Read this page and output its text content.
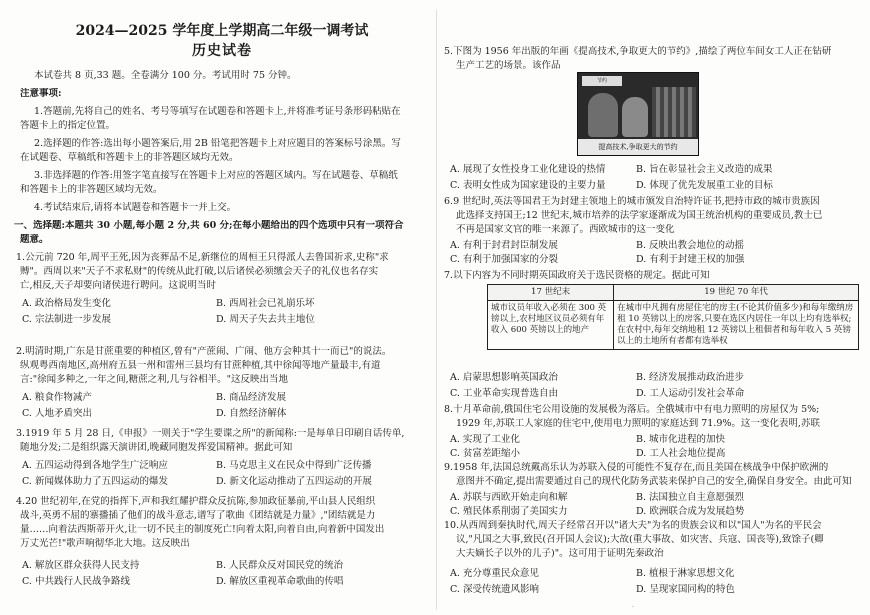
2024—2025 学年度上学期高二年级一调考试
历史试卷
本试卷共 8 页,33 题。全卷满分 100 分。考试用时 75 分钟。
注意事项:
1.答题前,先将自己的姓名、考号等填写在试题卷和答题卡上,并将准考证号条形码粘贴在
答题卡上的指定位置。
2.选择题的作答:选出每小题答案后,用 2B 铅笔把答题卡上对应题目的答案标号涂黑。写
在试题卷、草稿纸和答题卡上的非答题区域均无效。
3.非选择题的作答:用签字笔直接写在答题卡上对应的答题区域内。写在试题卷、草稿纸
和答题卡上的非答题区域均无效。
4.考试结束后,请将本试题卷和答题卡一并上交。
一、选择题:本题共 30 小题,每小题 2 分,共 60 分;在每小题给出的四个选项中只有一项符合
题意。
1.公元前 720 年,周平王死,因为丧葬品不足,新继位的周桓王只得派人去鲁国祈求,史称"求
赙"。西周以来"天子不求私财"的传统从此打破,以后诸侯必须缴会天子的礼仪也名存实
亡,相反,天子却要向诸侯进行聘问。这说明当时
2.明清时期,广东是甘蔗重要的种植区,曾有"产蔗闹、广闹、他方会种其十一而已"的说法。
纵观粤西南地区,高州府五县一州和雷州三县均有甘蔗种植,其中徐闻等地产量最丰,有道
言:"徐闻多种之,一年之间,糖蔗之利,几与谷相半。"这反映出当地
3.1919 年 5 月 28 日,《申报》一则关于"学生要谍之所"的新闻称:一是每单日印刷自话传单,
随地分发;二是组织露天演讲团,晚藏同胞发挥爱国精神。据此可知
4.20 世纪初年,在党的指挥下,声和我红耀护群众反抗陈,参加政征暴前,平山县人民组织
战斗,英勇不屈的寨播插了他们的战斗意志,谱写了歌曲《团结就是力量》,"团结就是力
量……向着法西斯蒂开火,让一切不民主的制度死亡!向着太阳,向着自由,向着新中国发出
万丈光芒!"歌声响彻华北大地。这反映出
A. 政治格局发生变化	B. 西周社会已礼崩乐坏
C. 宗法制进一步发展	D. 周天子失去共主地位
A. 粮食作物减产	B. 商品经济发展
C. 人地矛盾突出	D. 自然经济解体
A. 五四运动得到各地学生广泛响应	B. 马克思主义在民众中得到广泛传播
C. 新闻媒体助力了五四运动的爆发	D. 新文化运动推动了五四运动的开展
A. 解放区群众获得人民支持	B. 人民群众反对国民党的统治
C. 中共践行人民战争路线	D. 解放区重视革命歌曲的传唱
5.下图为 1956 年出版的年画《提高技术,争取更大的节约》,描绘了两位车间女工人正在钻研
生产工艺的场景。该作品
节约
提高技术,争取更大的节约
6.9 世纪时,英法等国君王为封建主领地上的城市颁发自治特许证书,把持市政的城市贵族因
此选择支持国王;12 世纪末,城市培养的法学家逐渐成为国王统治机构的重要成员,教士已
不再是国家文官的唯一来源了。西欧城市的这一变化
7.以下内容为不同时期英国政府关于选民资格的规定。据此可知
8.十月革命前,俄国住宅公用设施的发展极为落后。全俄城市中有电力照明的房屋仅为 5%;
1929 年,苏联工人家庭的住宅中,使用电力照明的家庭达到 71.9%。这一变化表明,苏联
9.1958 年,法国总统戴高乐认为苏联入侵的可能性不复存在,而且美国在核战争中保护欧洲的
意图并不确定,提出需要通过自己的现代化防务武装来保护自己的安全,确保自身安全。由此可知
10.从西周到秦执时代,周天子经常召开以"诸大夫"为名的贵族会议和以"国人"为名的平民会
议,"凡国之大事,致民(召开国人会议);大故(重大事故、如灾害、兵寇、国丧等),致馀子(卿
大夫嫡长子以外的儿子)"。这可用于证明先秦政治
17 世纪末	19 世纪 70 年代
城市议员年收入必须在 300 英镑以上,农村地区议员必须有年收入 600 英镑以上的地产	在城市中凡拥有房屋住宅的房主(不论其价值多少)和每年缴纳房租 10 英镑以上的房客,只要在选区内居住一年以上均有选举权;在农村中,每年交纳地租 12 英镑以上租佃者和每年收入 5 英镑以上的土地所有者都有选举权
A. 展现了女性投身工业化建设的热情	B. 旨在彰显社会主义改造的成果
C. 表明女性成为国家建设的主要力量	D. 体现了优先发展重工业的目标
A. 有利于封君封臣制发展	B. 反映出教会地位的动摇
C. 有利于加强国家的分裂	D. 有利于封建王权的加强
A. 启蒙思想影响英国政治	B. 经济发展推动政治进步
C. 工业革命实现普选自由	D. 工人运动引发社会革命
A. 实现了工业化	B. 城市化进程的加快
C. 贫富差距缩小	D. 工人社会地位提高
A. 苏联与西欧开始走向和解	B. 法国独立自主意愿强烈
C. 殖民体系削弱了美国实力	D. 欧洲联合成为发展趋势
A. 充分尊重民众意见	B. 植根于淋家思想文化
C. 深受传统遗风影响	D. 呈现家国同构的特色
·
